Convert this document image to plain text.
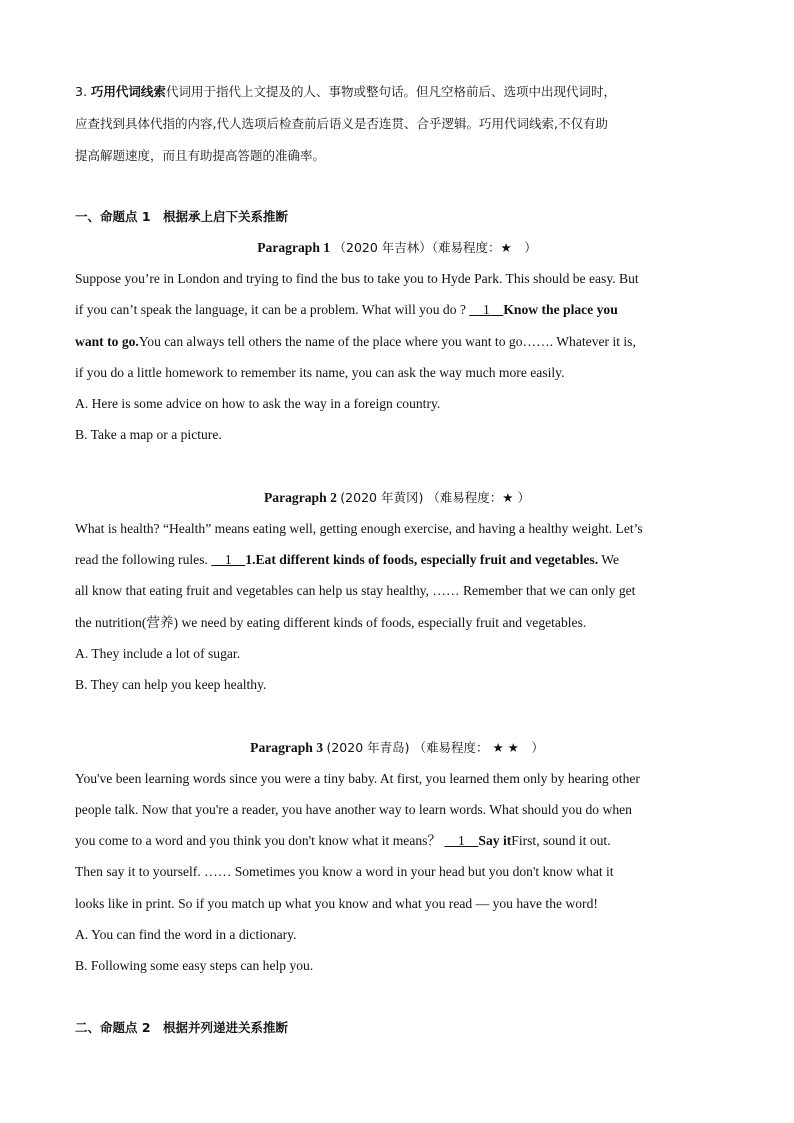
3. 巧用代词线索代词用于指代上文提及的人、事物或整句话。但凡空格前后、选项中出现代词时，
应查找到具体代指的内容,代人选项后检查前后语义是否连贯、合乎逻辑。巧用代词线索,不仅有助
提高解题速度，而且有助提高答题的准确率。
一、命题点 1　根据承上启下关系推断
Paragraph 1 （2020 年吉林）（难易程度：★　）
Suppose you’re in London and trying to find the bus to take you to Hyde Park. This should be easy. But
if you can’t speak the language, it can be a problem. What will you do ?     1    Know the place you
want to go.You can always tell others the name of the place where you want to go……. Whatever it is,
if you do a little homework to remember its name, you can ask the way much more easily.
A. Here is some advice on how to ask the way in a foreign country.
B. Take a map or a picture.
Paragraph 2 (2020 年黄冈) （难易程度：★ ）
What is health? “Health” means eating well, getting enough exercise, and having a healthy weight. Let’s
read the following rules.     1    1.Eat different kinds of foods, especially fruit and vegetables. We
all know that eating fruit and vegetables can help us stay healthy, …… Remember that we can only get
the nutrition(营养) we need by eating different kinds of foods, especially fruit and vegetables.
A. They include a lot of sugar.
B. They can help you keep healthy.
Paragraph 3 (2020 年青岛) （难易程度： ★ ★　）
You've been learning words since you were a tiny baby. At first, you learned them only by hearing other
people talk. Now that you're a reader, you have another way to learn words. What should you do when
you come to a word and you think you don't know what it means？     1    Say itFirst, sound it out.
Then say it to yourself. …… Sometimes you know a word in your head but you don't know what it
looks like in print. So if you match up what you know and what you read — you have the word!
A. You can find the word in a dictionary.
B. Following some easy steps can help you.
二、命题点 2　根据并列递进关系推断
